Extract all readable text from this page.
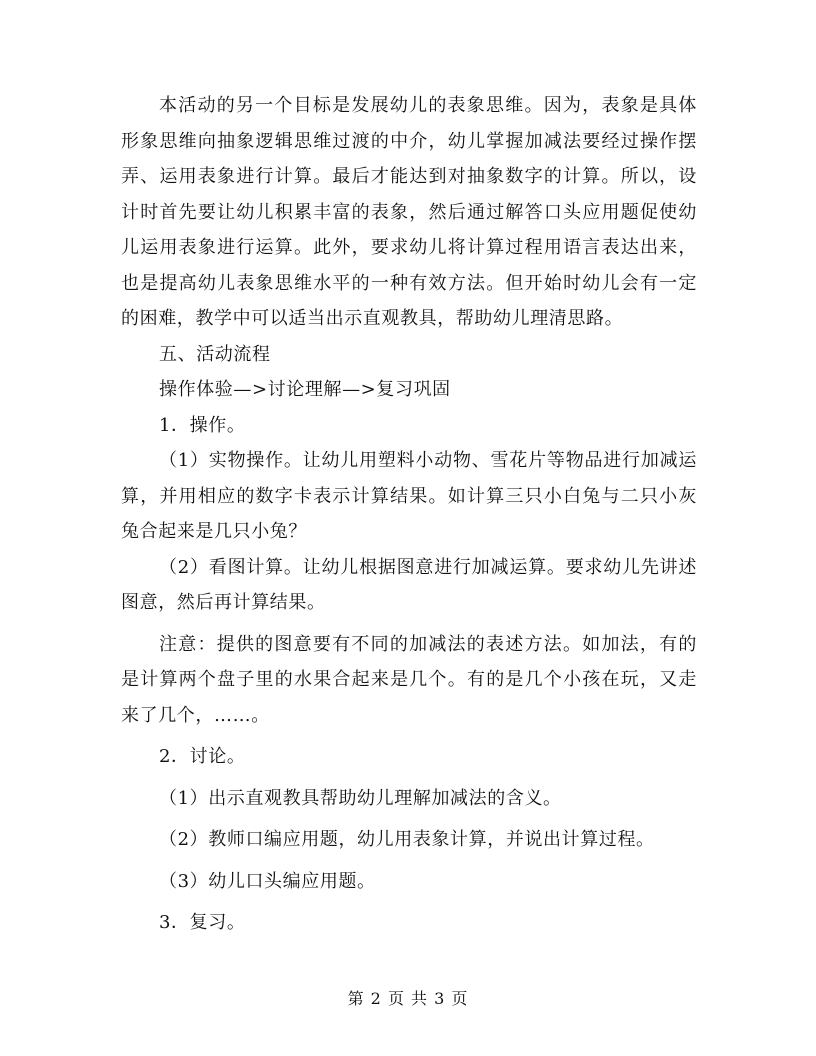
本活动的另一个目标是发展幼儿的表象思维。因为，表象是具体形象思维向抽象逻辑思维过渡的中介，幼儿掌握加减法要经过操作摆弄、运用表象进行计算。最后才能达到对抽象数字的计算。所以，设计时首先要让幼儿积累丰富的表象，然后通过解答口头应用题促使幼儿运用表象进行运算。此外，要求幼儿将计算过程用语言表达出来，也是提高幼儿表象思维水平的一种有效方法。但开始时幼儿会有一定的困难，教学中可以适当出示直观教具，帮助幼儿理清思路。

五、活动流程

操作体验—>讨论理解—>复习巩固

1．操作。

（1）实物操作。让幼儿用塑料小动物、雪花片等物品进行加减运算，并用相应的数字卡表示计算结果。如计算三只小白兔与二只小灰兔合起来是几只小兔？

（2）看图计算。让幼儿根据图意进行加减运算。要求幼儿先讲述图意，然后再计算结果。

注意：提供的图意要有不同的加减法的表述方法。如加法，有的是计算两个盘子里的水果合起来是几个。有的是几个小孩在玩，又走来了几个，……。

2．讨论。

（1）出示直观教具帮助幼儿理解加减法的含义。

（2）教师口编应用题，幼儿用表象计算，并说出计算过程。

（3）幼儿口头编应用题。

3．复习。

第 2 页 共 3 页
